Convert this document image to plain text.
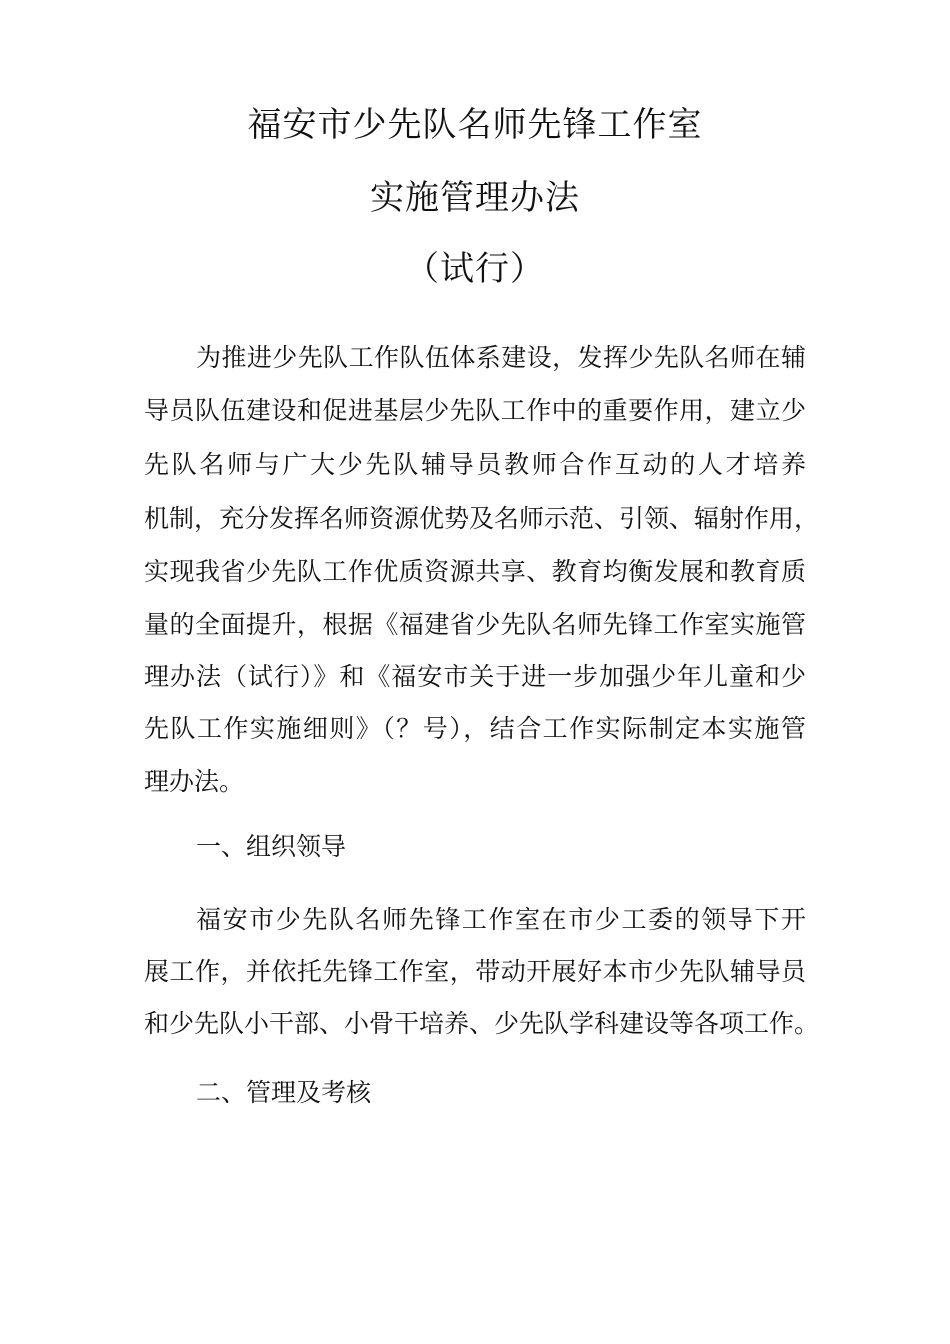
福安市少先队名师先锋工作室
实施管理办法
（试行）
为推进少先队工作队伍体系建设，发挥少先队名师在辅
导员队伍建设和促进基层少先队工作中的重要作用，建立少
先队名师与广大少先队辅导员教师合作互动的人才培养
机制，充分发挥名师资源优势及名师示范、引领、辐射作用，
实现我省少先队工作优质资源共享、教育均衡发展和教育质
量的全面提升，根据《福建省少先队名师先锋工作室实施管
理办法（试行）》和《福安市关于进一步加强少年儿童和少
先队工作实施细则》（？号），结合工作实际制定本实施管
理办法。
一、组织领导
福安市少先队名师先锋工作室在市少工委的领导下开
展工作，并依托先锋工作室，带动开展好本市少先队辅导员
和少先队小干部、小骨干培养、少先队学科建设等各项工作。
二、管理及考核
